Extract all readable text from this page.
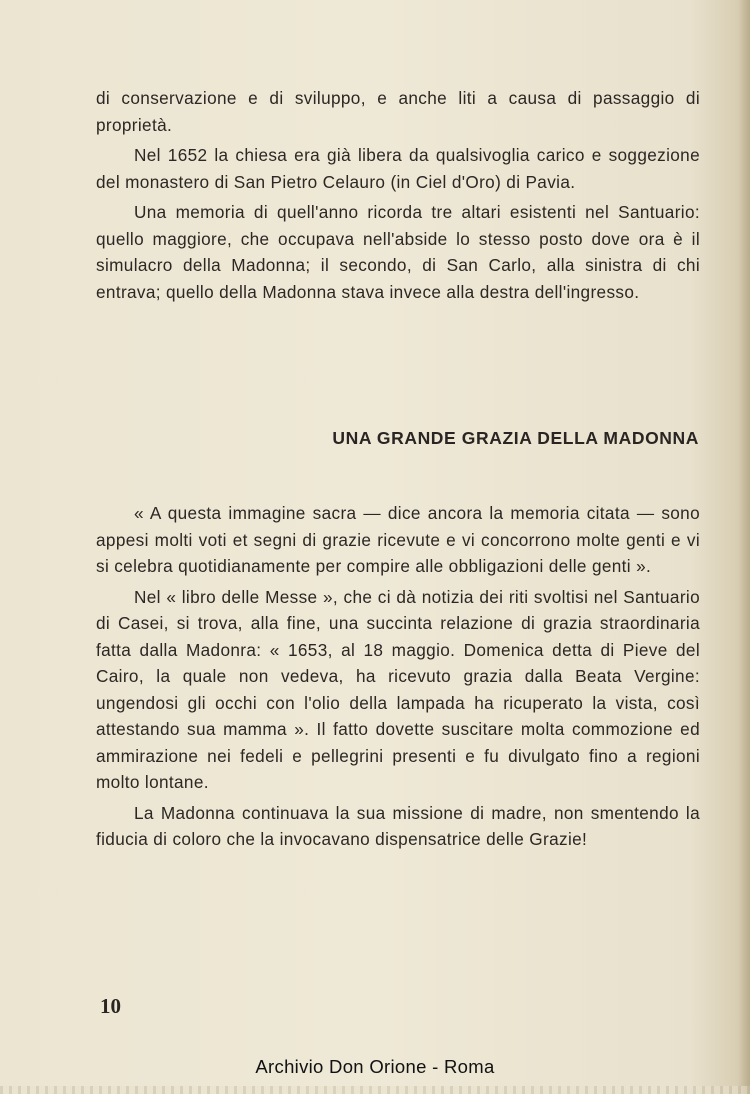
di conservazione e di sviluppo, e anche liti a causa di passaggio di proprietà.

Nel 1652 la chiesa era già libera da qualsivoglia carico e soggezione del monastero di San Pietro Celauro (in Ciel d'Oro) di Pavia.

Una memoria di quell'anno ricorda tre altari esistenti nel Santuario: quello maggiore, che occupava nell'abside lo stesso posto dove ora è il simulacro della Madonna; il secondo, di San Carlo, alla sinistra di chi entrava; quello della Madonna stava invece alla destra dell'ingresso.

UNA GRANDE GRAZIA DELLA MADONNA

« A questa immagine sacra — dice ancora la memoria citata — sono appesi molti voti et segni di grazie ricevute e vi concorrono molte genti e vi si celebra quotidianamente per compire alle obbligazioni delle genti ».

Nel « libro delle Messe », che ci dà notizia dei riti svoltisi nel Santuario di Casei, si trova, alla fine, una succinta relazione di grazia straordinaria fatta dalla Madonra: « 1653, al 18 maggio. Domenica detta di Pieve del Cairo, la quale non vedeva, ha ricevuto grazia dalla Beata Vergine: ungendosi gli occhi con l'olio della lampada ha ricuperato la vista, così attestando sua mamma ». Il fatto dovette suscitare molta commozione ed ammirazione nei fedeli e pellegrini presenti e fu divulgato fino a regioni molto lontane.

La Madonna continuava la sua missione di madre, non smentendo la fiducia di coloro che la invocavano dispensatrice delle Grazie!

10
Archivio Don Orione - Roma
